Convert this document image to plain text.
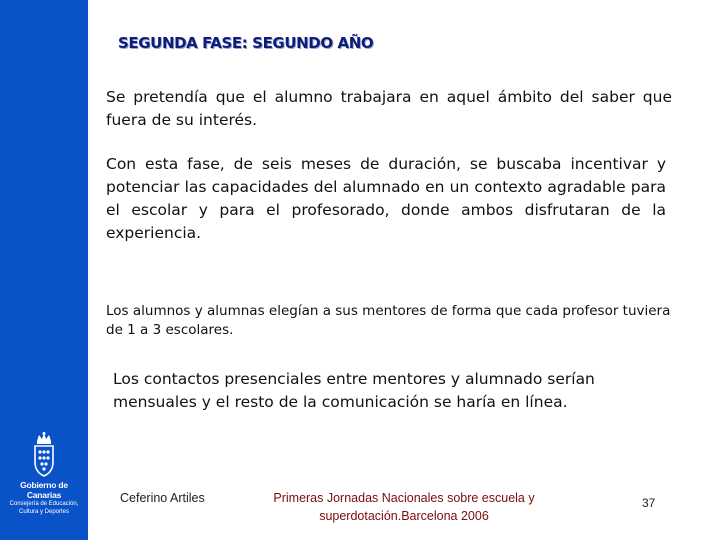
Gobierno de Canarias
Consejería de Educación,
Cultura y Deportes
SEGUNDA FASE: SEGUNDO AÑO

Se pretendía que el alumno trabajara en aquel ámbito del saber que fuera de su interés.

Con esta fase, de seis meses de duración, se buscaba incentivar y potenciar las capacidades del alumnado en un contexto agradable para el escolar y para el profesorado, donde ambos disfrutaran de la experiencia.

Los alumnos y alumnas elegían a sus mentores de forma que cada profesor tuviera de 1 a 3 escolares.

Los contactos presenciales entre mentores y alumnado serían mensuales y el resto de la comunicación se haría en línea.

Ceferino Artiles	Primeras Jornadas Nacionales sobre escuela y superdotación.Barcelona 2006
37
